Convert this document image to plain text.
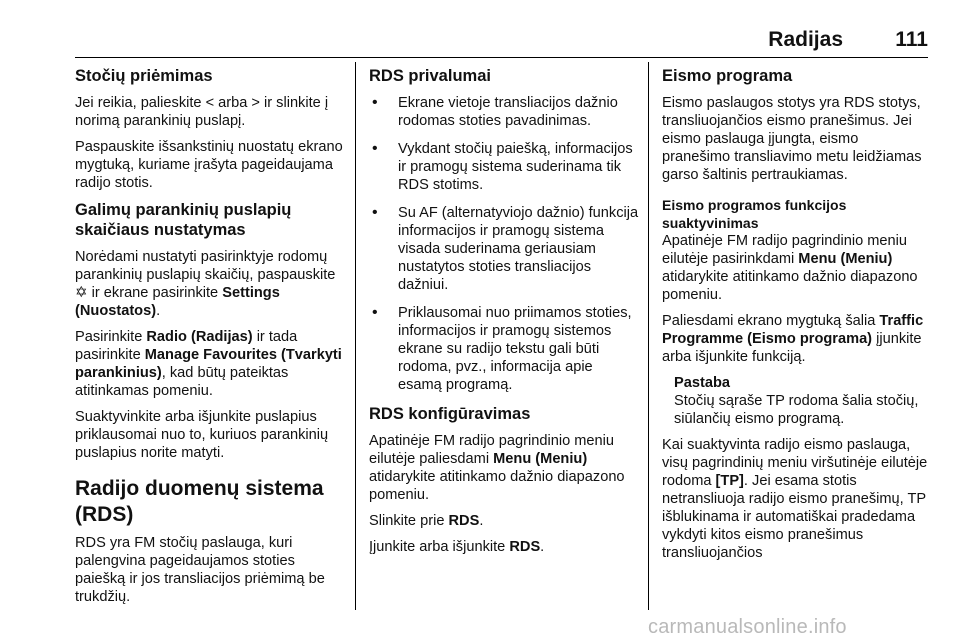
Radijas 111
Stočių priėmimas

Jei reikia, palieskite < arba > ir slinkite į norimą parankinių puslapį.

Paspauskite išsankstinių nuostatų ekrano mygtuką, kuriame įrašyta pageidaujama radijo stotis.

Galimų parankinių puslapių skaičiaus nustatymas

Norėdami nustatyti pasirinktyje rodomų parankinių puslapių skaičių, paspauskite ✡ ir ekrane pasirinkite Settings (Nuostatos).

Pasirinkite Radio (Radijas) ir tada pasirinkite Manage Favourites (Tvarkyti parankinius), kad būtų pateiktas atitinkamas pomeniu.

Suaktyvinkite arba išjunkite puslapius priklausomai nuo to, kuriuos parankinių puslapius norite matyti.

Radijo duomenų sistema (RDS)

RDS yra FM stočių paslauga, kuri palengvina pageidaujamos stoties paiešką ir jos transliacijos priėmimą be trukdžių.

RDS privalumai
• Ekrane vietoje transliacijos dažnio rodomas stoties pavadinimas.
• Vykdant stočių paiešką, informacijos ir pramogų sistema suderinama tik RDS stotims.
• Su AF (alternatyviojo dažnio) funkcija informacijos ir pramogų sistema visada suderinama geriausiam nustatytos stoties transliacijos dažniui.
• Priklausomai nuo priimamos stoties, informacijos ir pramogų sistemos ekrane su radijo tekstu gali būti rodoma, pvz., informacija apie esamą programą.
RDS konfigūravimas

Apatinėje FM radijo pagrindinio meniu eilutėje paliesdami Menu (Meniu) atidarykite atitinkamo dažnio diapazono pomeniu.

Slinkite prie RDS.

Įjunkite arba išjunkite RDS.

Eismo programa

Eismo paslaugos stotys yra RDS stotys, transliuojančios eismo pranešimus. Jei eismo paslauga įjungta, eismo pranešimo transliavimo metu leidžiamas garso šaltinis pertraukiamas.

Eismo programos funkcijos suaktyvinimas

Apatinėje FM radijo pagrindinio meniu eilutėje pasirinkdami Menu (Meniu) atidarykite atitinkamo dažnio diapazono pomeniu.

Paliesdami ekrano mygtuką šalia Traffic Programme (Eismo programa) įjunkite arba išjunkite funkciją.

Pastaba

Stočių sąraše TP rodoma šalia stočių, siūlančių eismo programą.

Kai suaktyvinta radijo eismo paslauga, visų pagrindinių meniu viršutinėje eilutėje rodoma [TP]. Jei esama stotis netransliuoja radijo eismo pranešimų, TP išblukinama ir automatiškai pradedama vykdyti kitos eismo pranešimus transliuojančios

carmanualsonline.info
